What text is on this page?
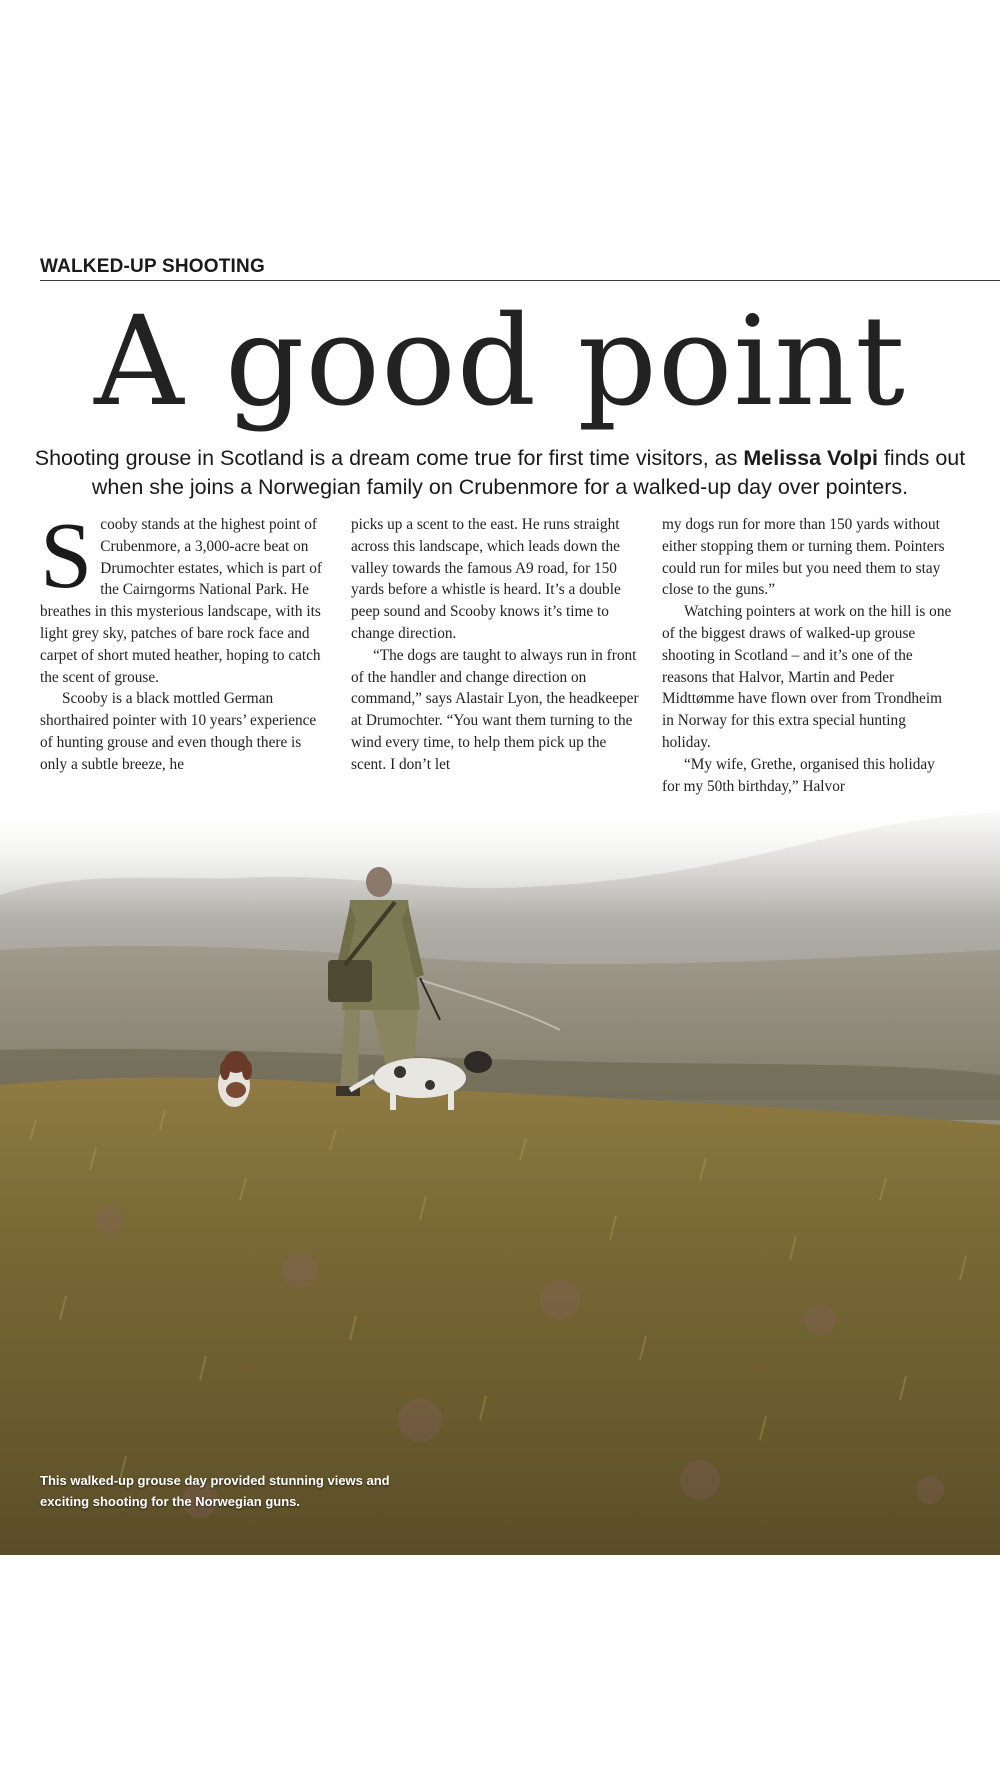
WALKED-UP SHOOTING
A good point
Shooting grouse in Scotland is a dream come true for first time visitors, as Melissa Volpi finds out when she joins a Norwegian family on Crubenmore for a walked-up day over pointers.

Scooby stands at the highest point of Crubenmore, a 3,000-acre beat on Drumochter estates, which is part of the Cairngorms National Park. He breathes in this mysterious landscape, with its light grey sky, patches of bare rock face and carpet of short muted heather, hoping to catch the scent of grouse.

Scooby is a black mottled German shorthaired pointer with 10 years’ experience of hunting grouse and even though there is only a subtle breeze, he

picks up a scent to the east. He runs straight across this landscape, which leads down the valley towards the famous A9 road, for 150 yards before a whistle is heard. It’s a double peep sound and Scooby knows it’s time to change direction.

“The dogs are taught to always run in front of the handler and change direction on command,” says Alastair Lyon, the headkeeper at Drumochter. “You want them turning to the wind every time, to help them pick up the scent. I don’t let

my dogs run for more than 150 yards without either stopping them or turning them. Pointers could run for miles but you need them to stay close to the guns.”

Watching pointers at work on the hill is one of the biggest draws of walked-up grouse shooting in Scotland – and it’s one of the reasons that Halvor, Martin and Peder Midttømme have flown over from Trondheim in Norway for this extra special hunting holiday.

“My wife, Grethe, organised this holiday for my 50th birthday,” Halvor

This walked-up grouse day provided stunning views and exciting shooting for the Norwegian guns.
